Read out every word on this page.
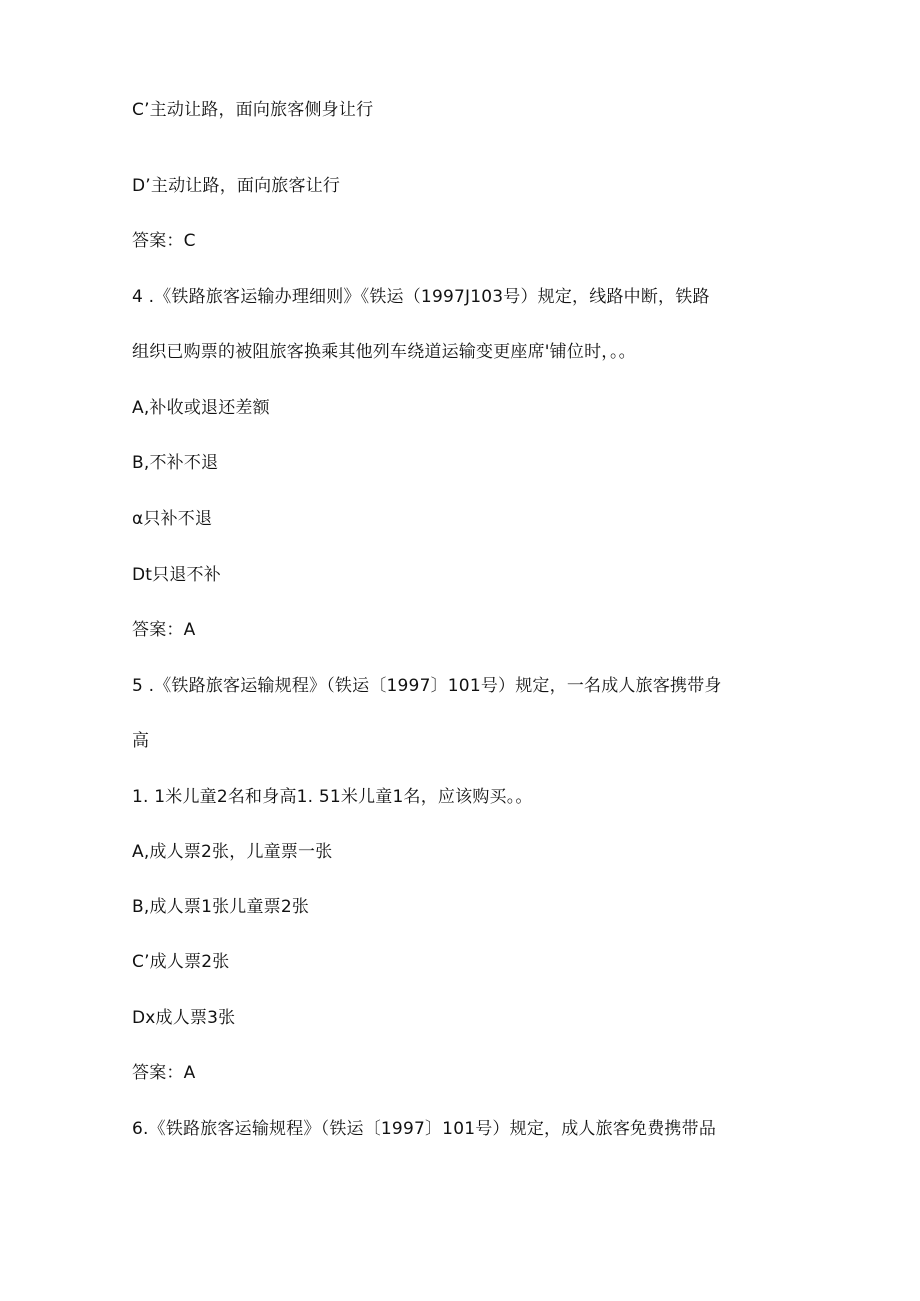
C’主动让路，面向旅客侧身让行
D’主动让路，面向旅客让行
答案：C
4 .《铁路旅客运输办理细则》《铁运（1997J103号）规定，线路中断，铁路
组织已购票的被阻旅客换乘其他列车绕道运输变更座席'铺位时，。。
A,补收或退还差额
B,不补不退
α只补不退
Dt只退不补
答案：A
5 .《铁路旅客运输规程》（铁运〔1997〕101号）规定，一名成人旅客携带身
高
1. 1米儿童2名和身高1. 51米儿童1名，应该购买。。
A,成人票2张，儿童票一张
B,成人票1张儿童票2张
C’成人票2张
Dx成人票3张
答案：A
6.《铁路旅客运输规程》（铁运〔1997〕101号）规定，成人旅客免费携带品
